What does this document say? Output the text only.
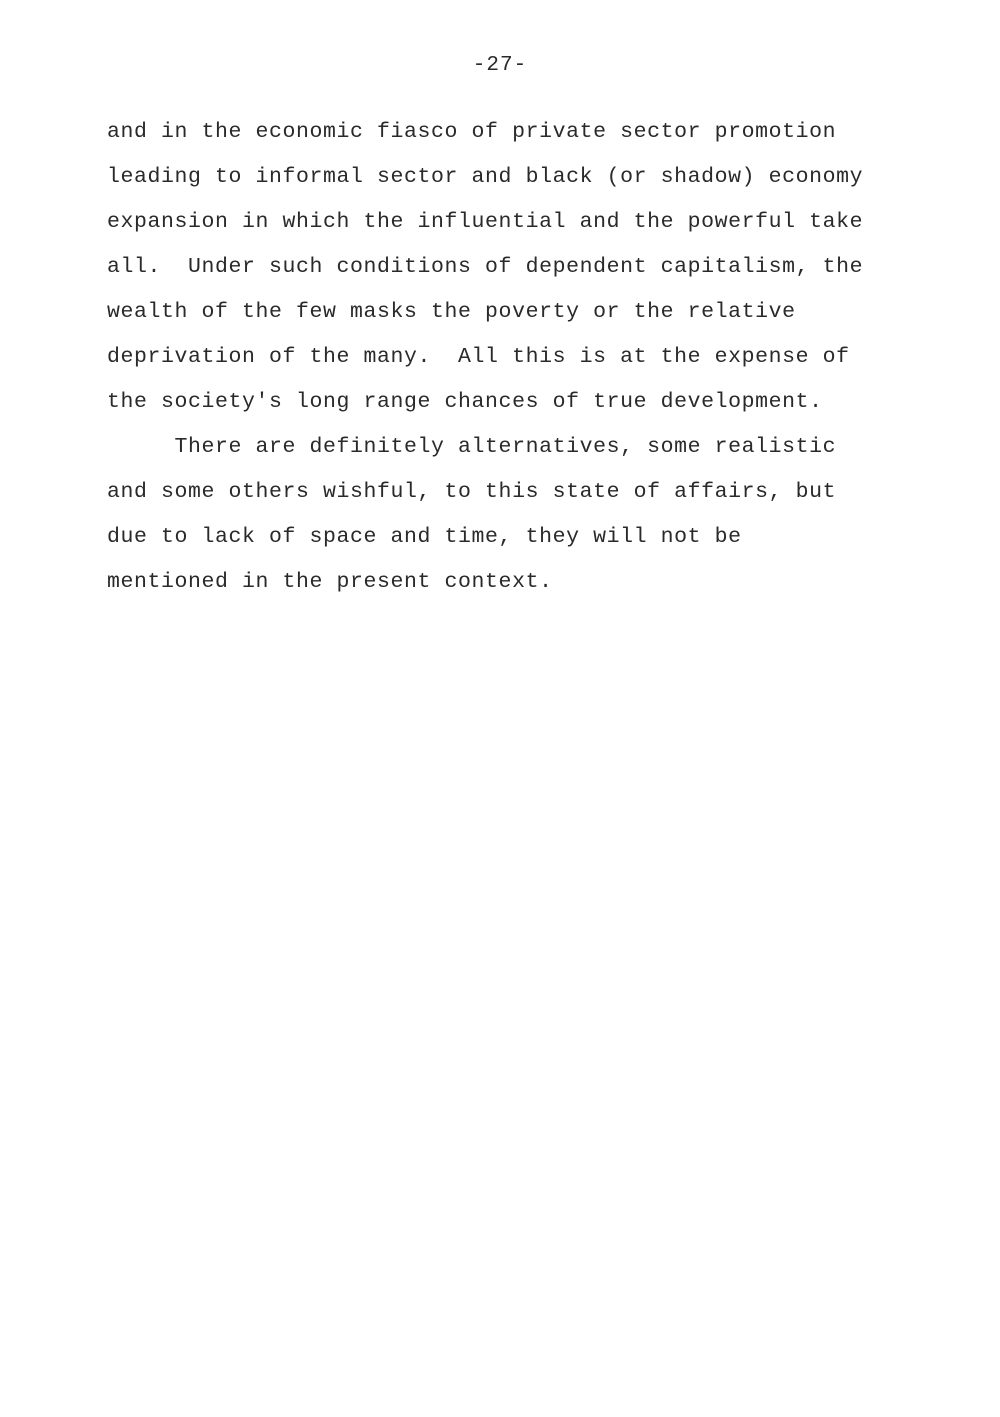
-27-
and in the economic fiasco of private sector promotion
leading to informal sector and black (or shadow) economy
expansion in which the influential and the powerful take
all.  Under such conditions of dependent capitalism, the
wealth of the few masks the poverty or the relative
deprivation of the many.  All this is at the expense of
the society's long range chances of true development.
There are definitely alternatives, some realistic
and some others wishful, to this state of affairs, but
due to lack of space and time, they will not be
mentioned in the present context.
